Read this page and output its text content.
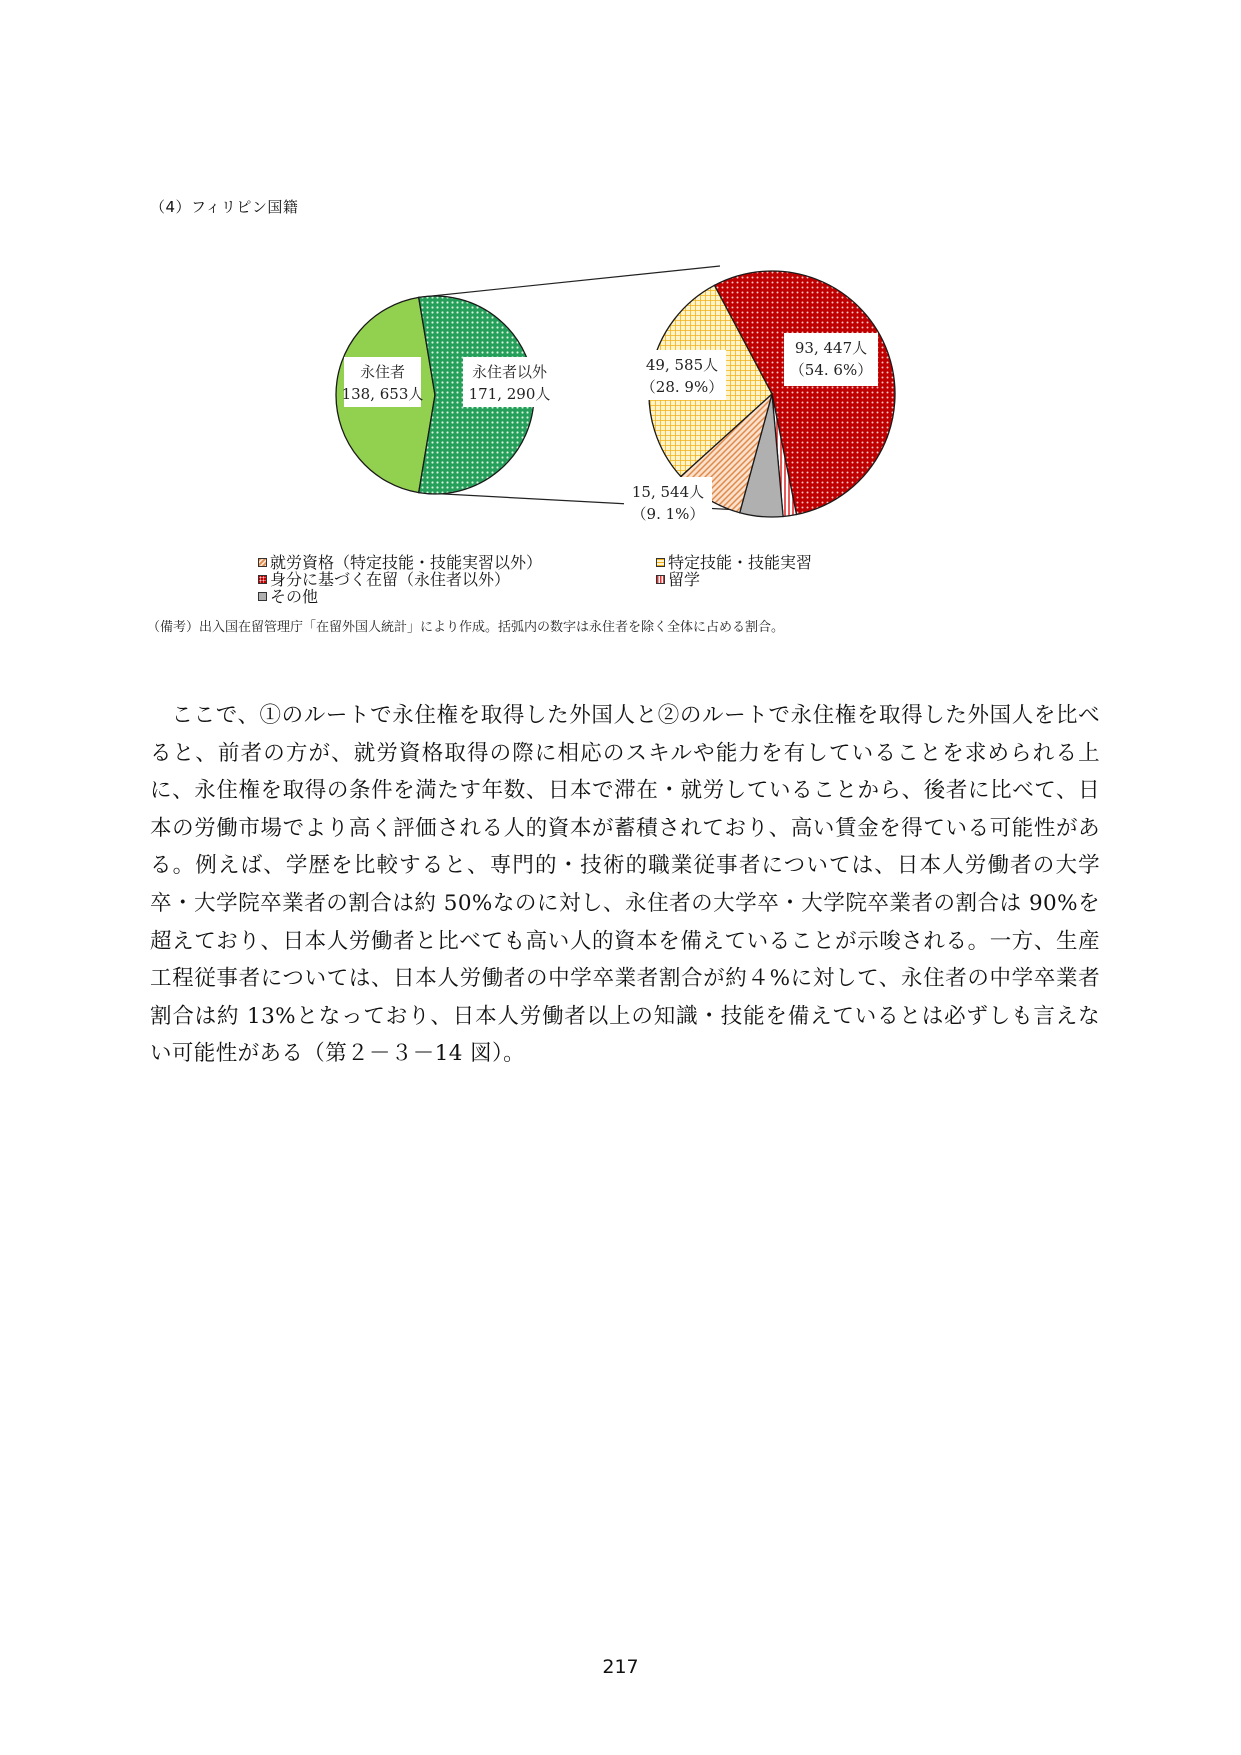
（4）フィリピン国籍
永住者
138, 653人
永住者以外
171, 290人
93, 447人
（54. 6%）
49, 585人
（28. 9%）
15, 544人
（9. 1%）
就労資格（特定技能・技能実習以外）	特定技能・技能実習
身分に基づく在留（永住者以外）	留学
その他
（備考）出入国在留管理庁「在留外国人統計」により作成。括弧内の数字は永住者を除く全体に占める割合。

ここで、①のルートで永住権を取得した外国人と②のルートで永住権を取得した外国人を比べると、前者の方が、就労資格取得の際に相応のスキルや能力を有していることを求められる上に、永住権を取得の条件を満たす年数、日本で滞在・就労していることから、後者に比べて、日本の労働市場でより高く評価される人的資本が蓄積されており、高い賃金を得ている可能性がある。例えば、学歴を比較すると、専門的・技術的職業従事者については、日本人労働者の大学卒・大学院卒業者の割合は約 50%なのに対し、永住者の大学卒・大学院卒業者の割合は 90%を超えており、日本人労働者と比べても高い人的資本を備えていることが示唆される。一方、生産工程従事者については、日本人労働者の中学卒業者割合が約４%に対して、永住者の中学卒業者割合は約 13%となっており、日本人労働者以上の知識・技能を備えているとは必ずしも言えない可能性がある（第２－３－14 図）。

217
